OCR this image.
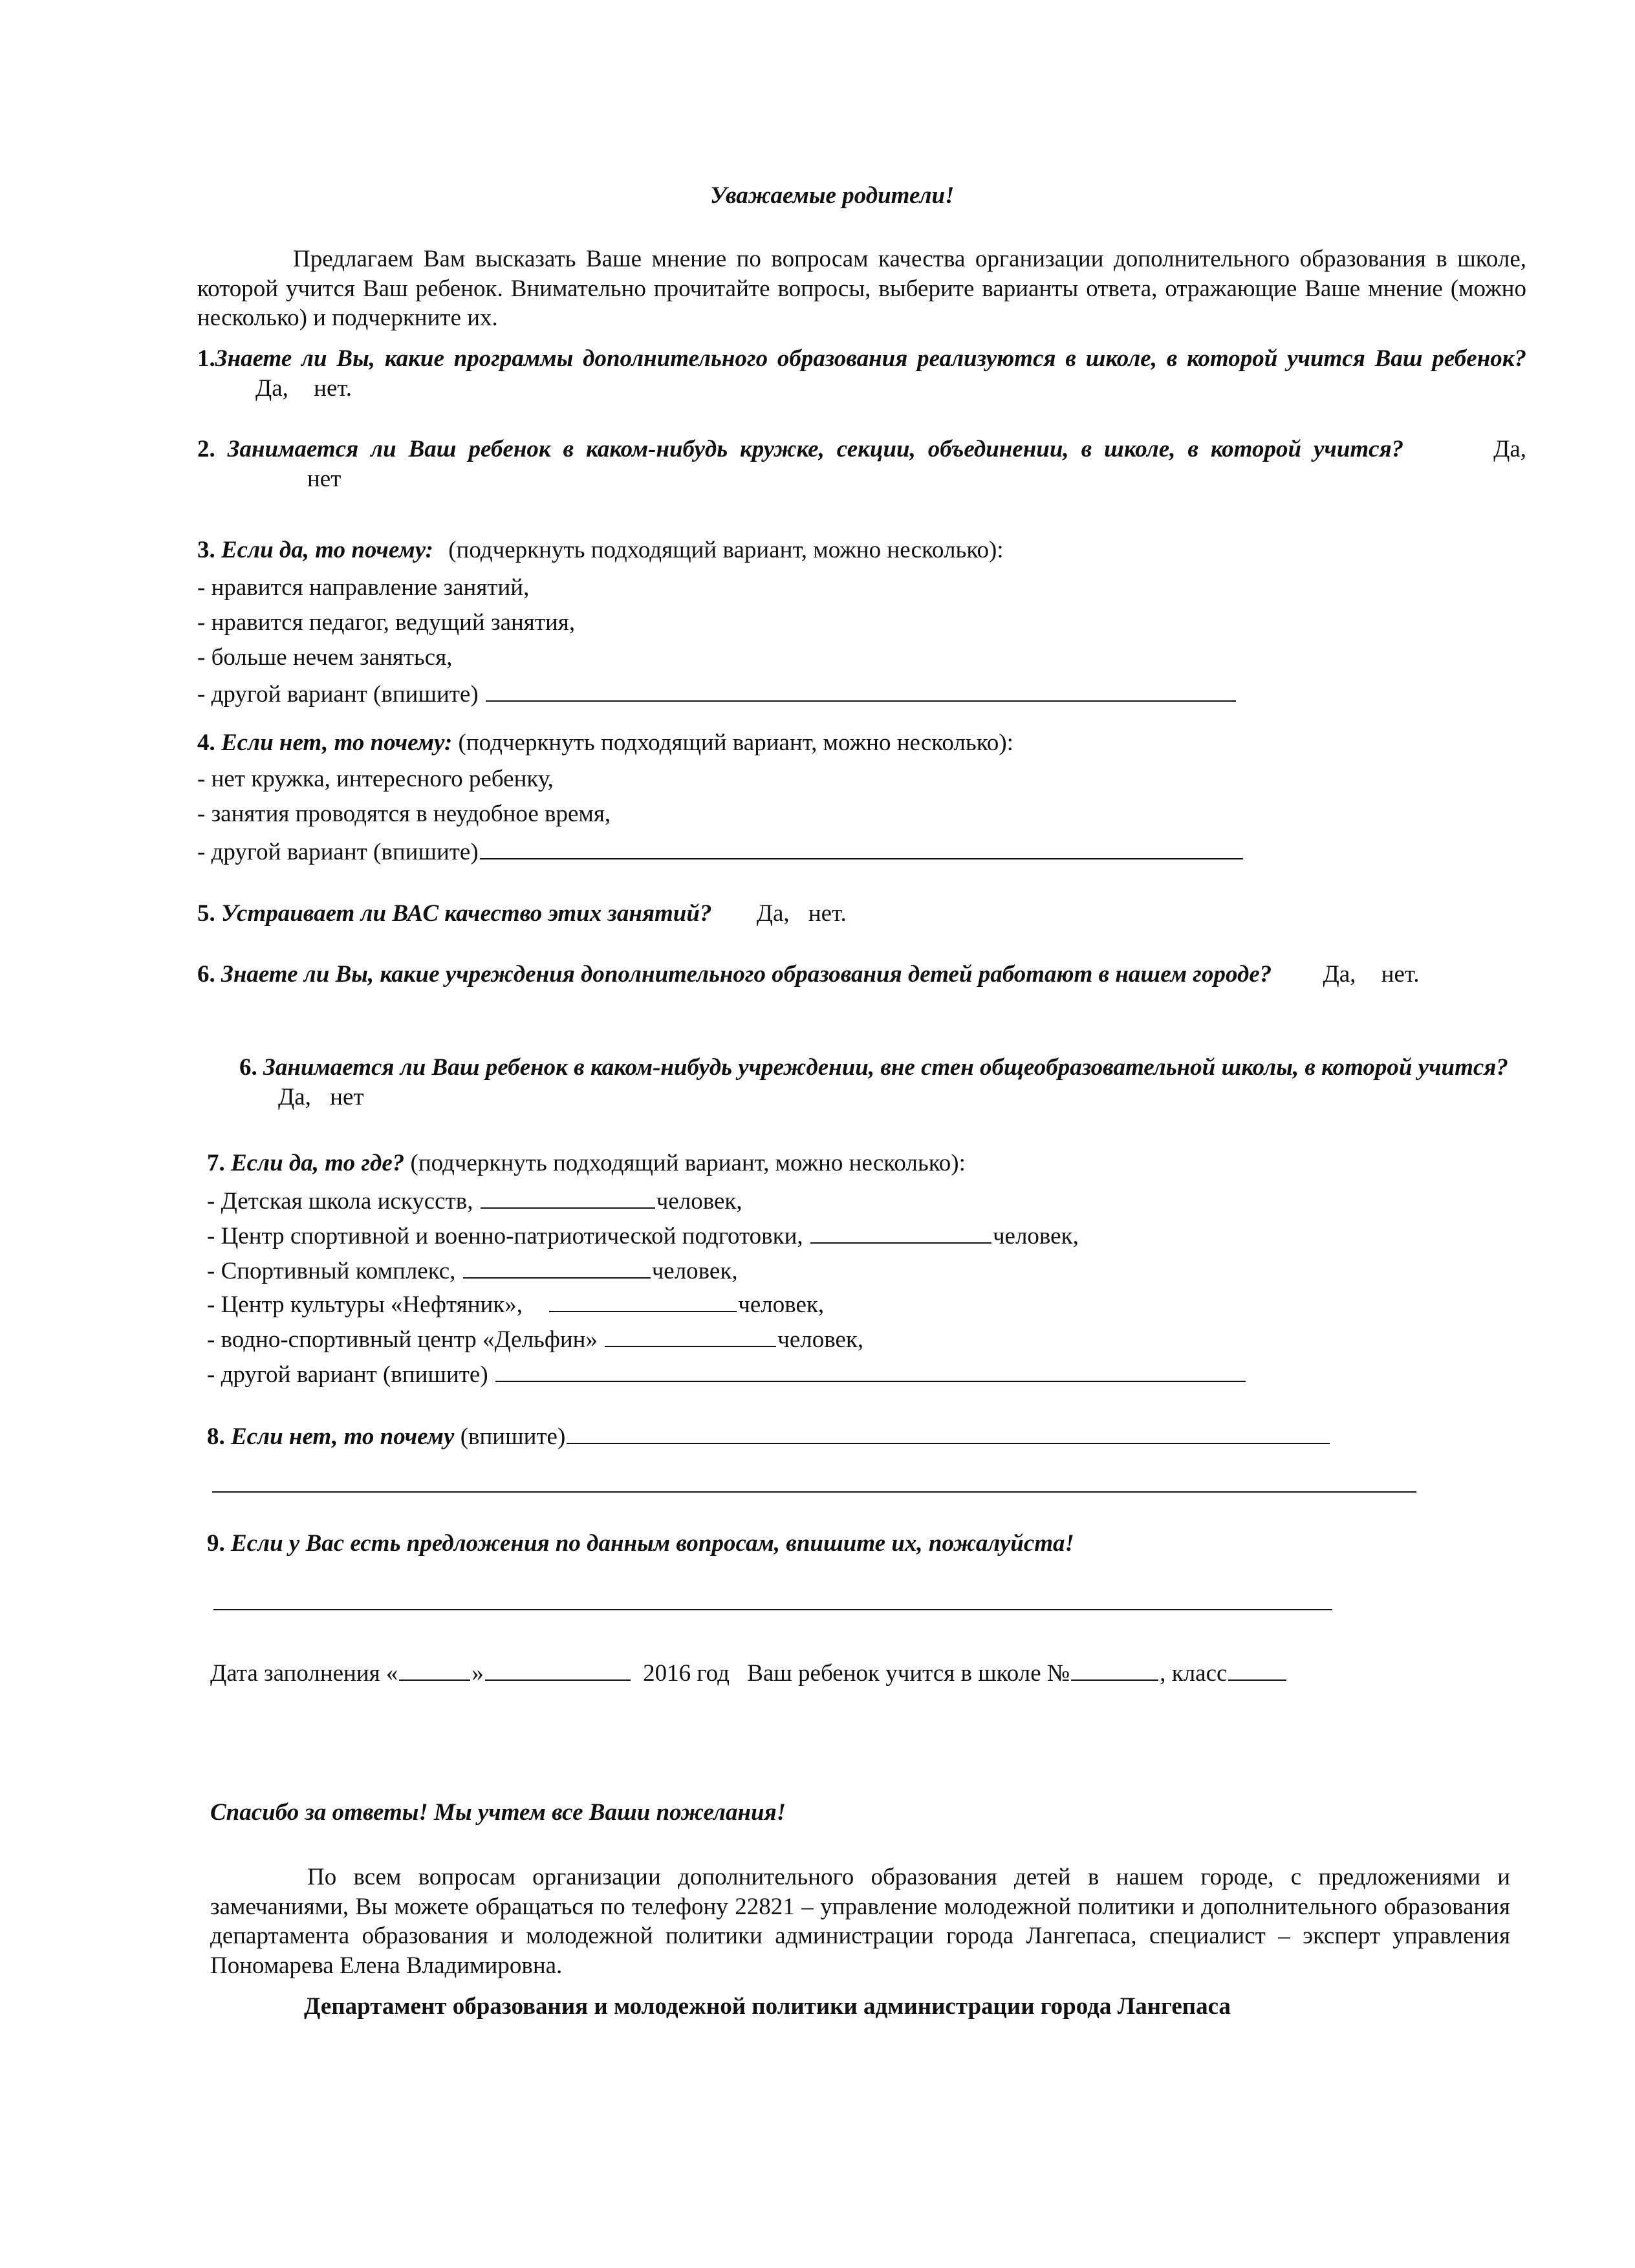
Уважаемые родители!
Предлагаем Вам высказать Ваше мнение по вопросам качества организации дополнительного образования в школе, которой учится Ваш ребенок. Внимательно прочитайте вопросы, выберите варианты ответа, отражающие Ваше мнение (можно несколько) и подчеркните их.
1.Знаете ли Вы, какие программы дополнительного образования реализуются в школе, в которой учится Ваш ребенок? Да, нет.
2. Занимается ли Ваш ребенок в каком-нибудь кружке, секции, объединении, в школе, в которой учится?	Да, нет
3. Если да, то почему: (подчеркнуть подходящий вариант, можно несколько):
- нравится направление занятий,
- нравится педагог, ведущий занятия,
- больше нечем заняться,
- другой вариант (впишите)
4. Если нет, то почему: (подчеркнуть подходящий вариант, можно несколько):
- нет кружка, интересного ребенку,
- занятия проводятся в неудобное время,
- другой вариант (впишите)
5. Устраивает ли ВАС качество этих занятий? Да, нет.
6. Знаете ли Вы, какие учреждения дополнительного образования детей работают в нашем городе? Да, нет.
6. Занимается ли Ваш ребенок в каком-нибудь учреждении, вне стен общеобразовательной школы, в которой учится? Да, нет
7. Если да, то где? (подчеркнуть подходящий вариант, можно несколько):
- Детская школа искусств,	человек,
- Центр спортивной и военно-патриотической подготовки,	человек,
- Спортивный комплекс,	человек,
- Центр культуры «Нефтяник»,	человек,
- водно-спортивный центр «Дельфин»	человек,
- другой вариант (впишите)
8. Если нет, то почему (впишите)
9. Если у Вас есть предложения по данным вопросам, впишите их, пожалуйста!
Дата заполнения «	»	2016 год Ваш ребенок учится в школе №	, класс
Спасибо за ответы! Мы учтем все Ваши пожелания!
По всем вопросам организации дополнительного образования детей в нашем городе, с предложениями и замечаниями, Вы можете обращаться по телефону 22821 – управление молодежной политики и дополнительного образования департамента образования и молодежной политики администрации города Лангепаса, специалист – эксперт управления Пономарева Елена Владимировна.
Департамент образования и молодежной политики администрации города Лангепаса
